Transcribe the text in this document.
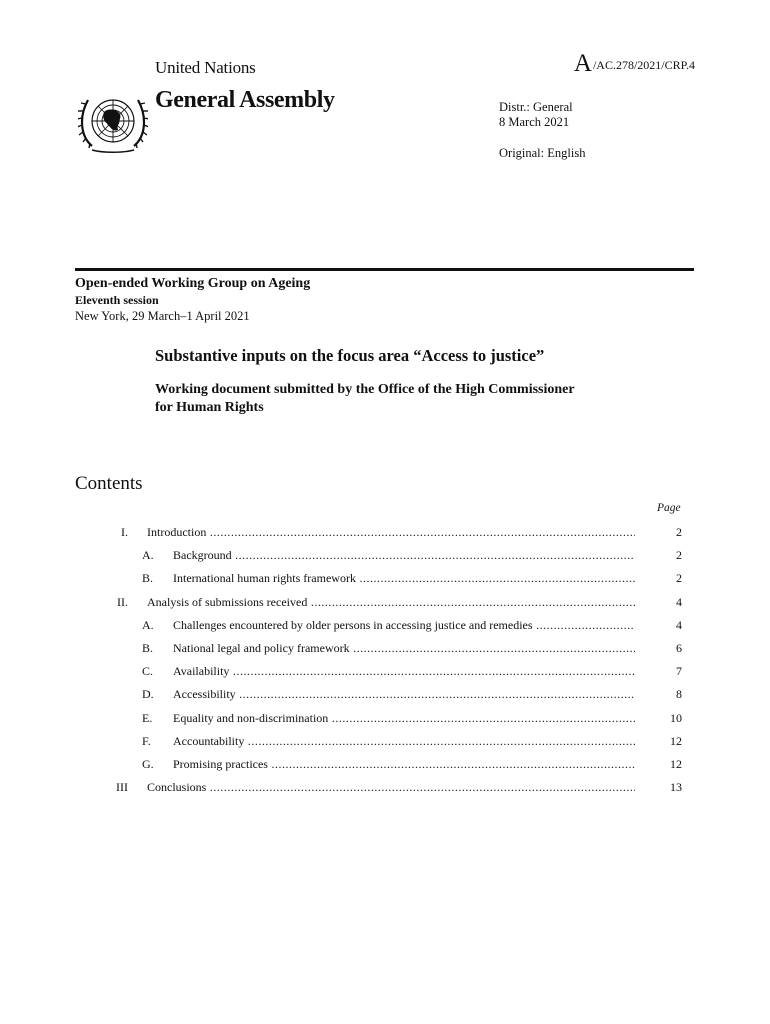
United Nations	A/AC.278/2021/CRP.4
General Assembly	Distr.: General
8 March 2021
Original: English
Open-ended Working Group on Ageing
Eleventh session
New York, 29 March–1 April 2021
Substantive inputs on the focus area “Access to justice”
Working document submitted by the Office of the High Commissioner for Human Rights
Contents
Page
I. Introduction .....	2
A. Background .....	2
B. International human rights framework .....	2
II. Analysis of submissions received .....	4
A. Challenges encountered by older persons in accessing justice and remedies .....	4
B. National legal and policy framework .....	6
C. Availability .....	7
D. Accessibility .....	8
E. Equality and non-discrimination .....	10
F. Accountability .....	12
G. Promising practices .....	12
III Conclusions .....	13
